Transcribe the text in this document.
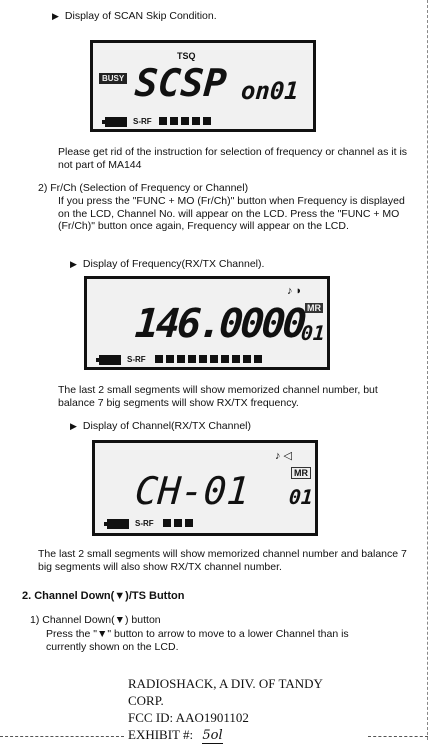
▶ Display of SCAN Skip Condition.
TSQ
BUSY SCSP on01
S-RF
Please get rid of the instruction for selection of frequency or channel as it is not part of MA144
2) Fr/Ch (Selection of Frequency or Channel)
If you press the "FUNC + MO (Fr/Ch)" button when Frequency is displayed on the LCD, Channel No. will appear on the LCD. Press the "FUNC + MO (Fr/Ch)" button once again, Frequency will appear on the LCD.
▶ Display of Frequency(RX/TX Channel).
♪ ◗
MR
146.0000
01
S-RF
The last 2 small segments will show memorized channel number, but balance 7 big segments will show RX/TX frequency.
▶ Display of Channel(RX/TX Channel)
♪ ◁
MR
CH-01 01
S-RF
The last 2 small segments will show memorized channel number and balance 7 big segments will also show RX/TX channel number.
2. Channel Down(▼)/TS Button
1) Channel Down(▼) button
Press the "▼" button to arrow to move to a lower Channel than is currently shown on the LCD.
RADIOSHACK, A DIV. OF TANDY
CORP.
FCC ID: AAO1901102
EXHIBIT #: 5ol
